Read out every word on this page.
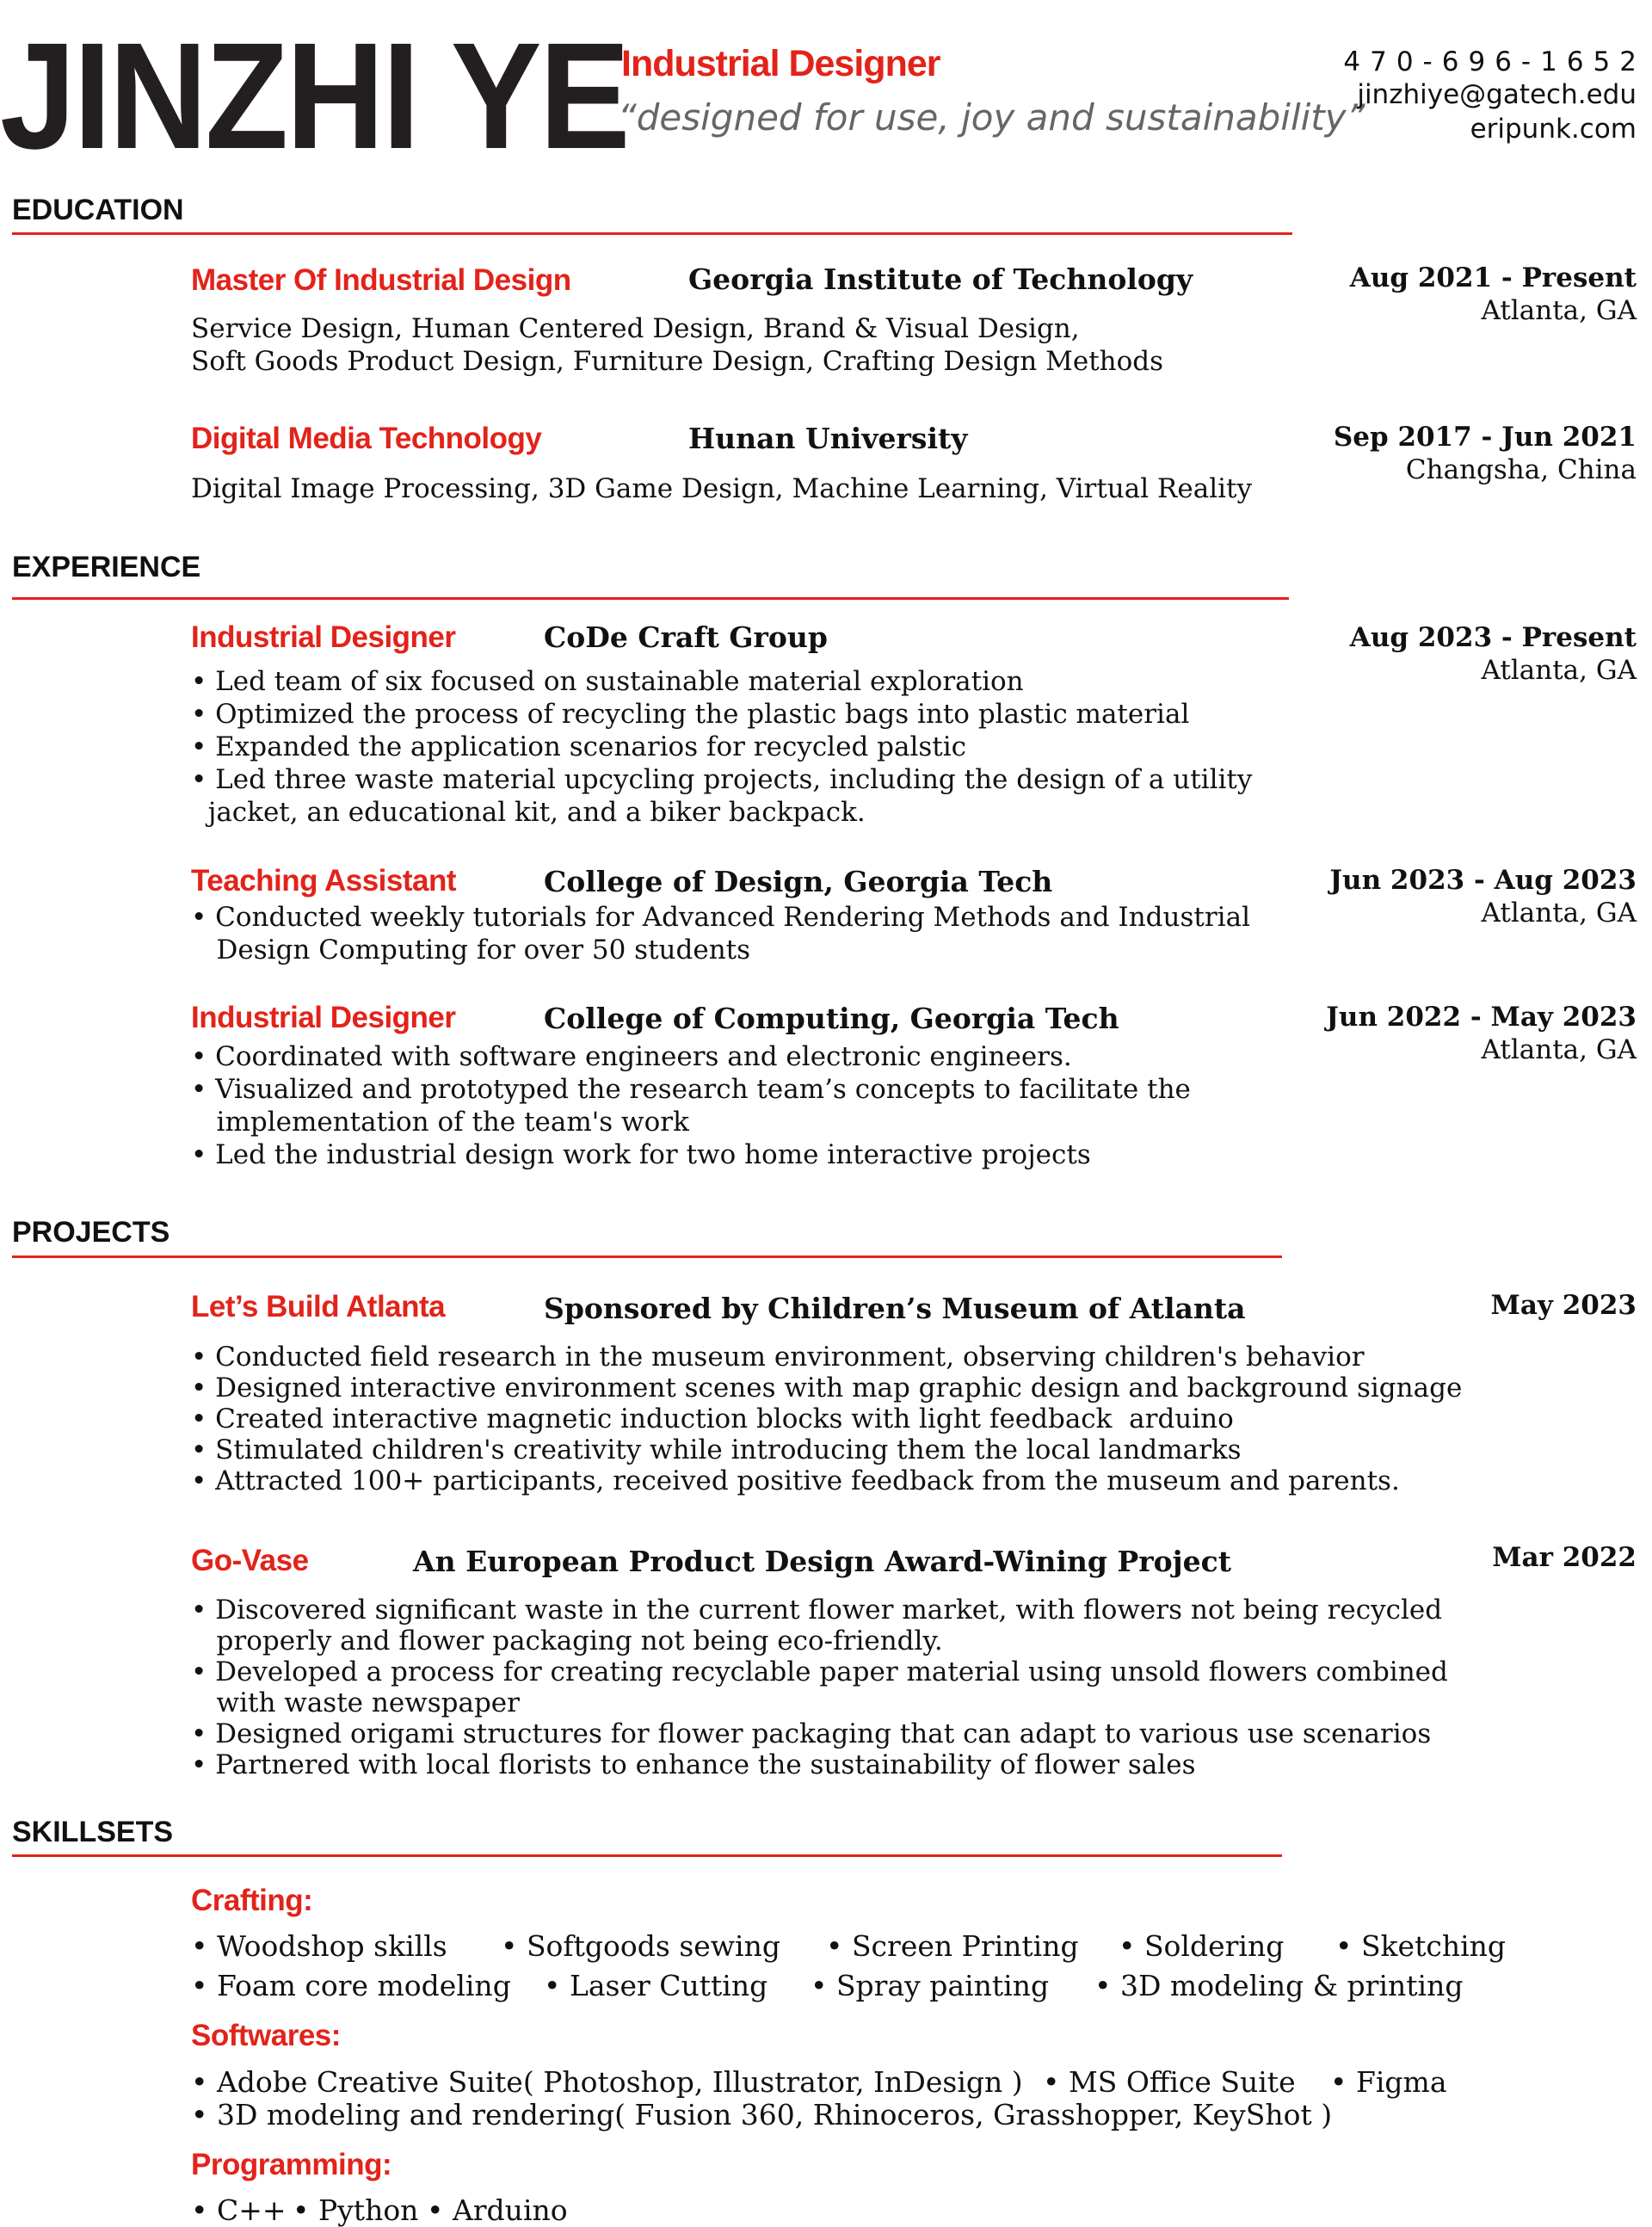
JINZHI YE
Industrial Designer
“designed for use, joy and sustainability”
470-696-1652
jinzhiye@gatech.edu
eripunk.com
EDUCATION
Master Of Industrial Design	Georgia Institute of Technology	Aug 2021 - Present
Atlanta, GA
Service Design, Human Centered Design, Brand & Visual Design,
Soft Goods Product Design, Furniture Design, Crafting Design Methods
Digital Media Technology	Hunan University	Sep 2017 - Jun 2021
Changsha, China
Digital Image Processing, 3D Game Design, Machine Learning, Virtual Reality
EXPERIENCE
Industrial Designer	CoDe Craft Group	Aug 2023 - Present
Atlanta, GA
• Led team of six focused on sustainable material exploration
• Optimized the process of recycling the plastic bags into plastic material
• Expanded the application scenarios for recycled palstic
• Led three waste material upcycling projects, including the design of a utility
jacket, an educational kit, and a biker backpack.
Teaching Assistant	College of Design, Georgia Tech	Jun 2023 - Aug 2023
Atlanta, GA
• Conducted weekly tutorials for Advanced Rendering Methods and Industrial
Design Computing for over 50 students
Industrial Designer	College of Computing, Georgia Tech	Jun 2022 - May 2023
Atlanta, GA
• Coordinated with software engineers and electronic engineers.
• Visualized and prototyped the research team’s concepts to facilitate the
implementation of the team's work
• Led the industrial design work for two home interactive projects
PROJECTS
Let’s Build Atlanta	Sponsored by Children’s Museum of Atlanta	May 2023
• Conducted field research in the museum environment, observing children's behavior
• Designed interactive environment scenes with map graphic design and background signage
• Created interactive magnetic induction blocks with light feedback  arduino
• Stimulated children's creativity while introducing them the local landmarks
• Attracted 100+ participants, received positive feedback from the museum and parents.
Go-Vase	An European Product Design Award-Wining Project	Mar 2022
• Discovered significant waste in the current flower market, with flowers not being recycled
properly and flower packaging not being eco-friendly.
• Developed a process for creating recyclable paper material using unsold flowers combined
with waste newspaper
• Designed origami structures for flower packaging that can adapt to various use scenarios
• Partnered with local florists to enhance the sustainability of flower sales
SKILLSETS
Crafting:
• Woodshop skills • Softgoods sewing • Screen Printing • Soldering • Sketching
• Foam core modeling • Laser Cutting • Spray painting • 3D modeling & printing
Softwares:
• Adobe Creative Suite( Photoshop, Illustrator, InDesign ) • MS Office Suite • Figma
• 3D modeling and rendering( Fusion 360, Rhinoceros, Grasshopper, KeyShot )
Programming:
• C++ • Python • Arduino
